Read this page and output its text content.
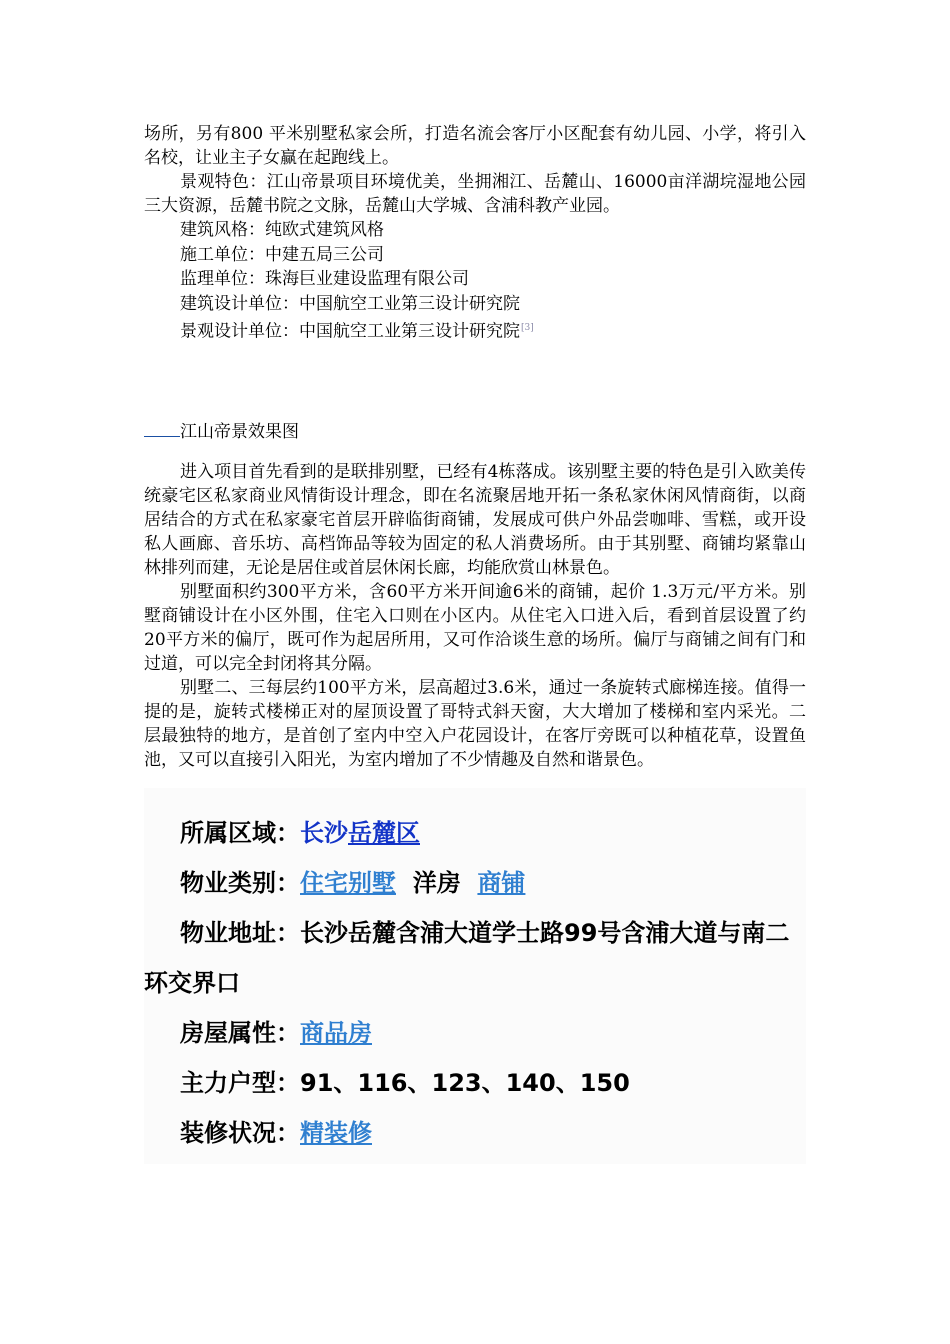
场所，另有800 平米别墅私家会所，打造名流会客厅小区配套有幼儿园、小学，将引入名校，让业主子女赢在起跑线上。

景观特色：江山帝景项目环境优美，坐拥湘江、岳麓山、16000亩洋湖垸湿地公园三大资源，岳麓书院之文脉，岳麓山大学城、含浦科教产业园。

建筑风格：纯欧式建筑风格

施工单位：中建五局三公司

监理单位：珠海巨业建设监理有限公司

建筑设计单位：中国航空工业第三设计研究院

景观设计单位：中国航空工业第三设计研究院[3]

江山帝景效果图

进入项目首先看到的是联排别墅，已经有4栋落成。该别墅主要的特色是引入欧美传统豪宅区私家商业风情街设计理念，即在名流聚居地开拓一条私家休闲风情商街，以商居结合的方式在私家豪宅首层开辟临街商铺，发展成可供户外品尝咖啡、雪糕，或开设私人画廊、音乐坊、高档饰品等较为固定的私人消费场所。由于其别墅、商铺均紧靠山林排列而建，无论是居住或首层休闲长廊，均能欣赏山林景色。

别墅面积约300平方米，含60平方米开间逾6米的商铺，起价 1.3万元/平方米。别墅商铺设计在小区外围，住宅入口则在小区内。从住宅入口进入后，看到首层设置了约20平方米的偏厅，既可作为起居所用，又可作洽谈生意的场所。偏厅与商铺之间有门和过道，可以完全封闭将其分隔。

别墅二、三每层约100平方米，层高超过3.6米，通过一条旋转式廊梯连接。值得一提的是，旋转式楼梯正对的屋顶设置了哥特式斜天窗，大大增加了楼梯和室内采光。二层最独特的地方，是首创了室内中空入户花园设计，在客厅旁既可以种植花草，设置鱼池，又可以直接引入阳光，为室内增加了不少情趣及自然和谐景色。

所属区域：长沙岳麓区

物业类别：住宅别墅 洋房 商铺

物业地址：长沙岳麓含浦大道学士路99号含浦大道与南二环交界口

房屋属性：商品房

主力户型：91、116、123、140、150

装修状况：精装修
